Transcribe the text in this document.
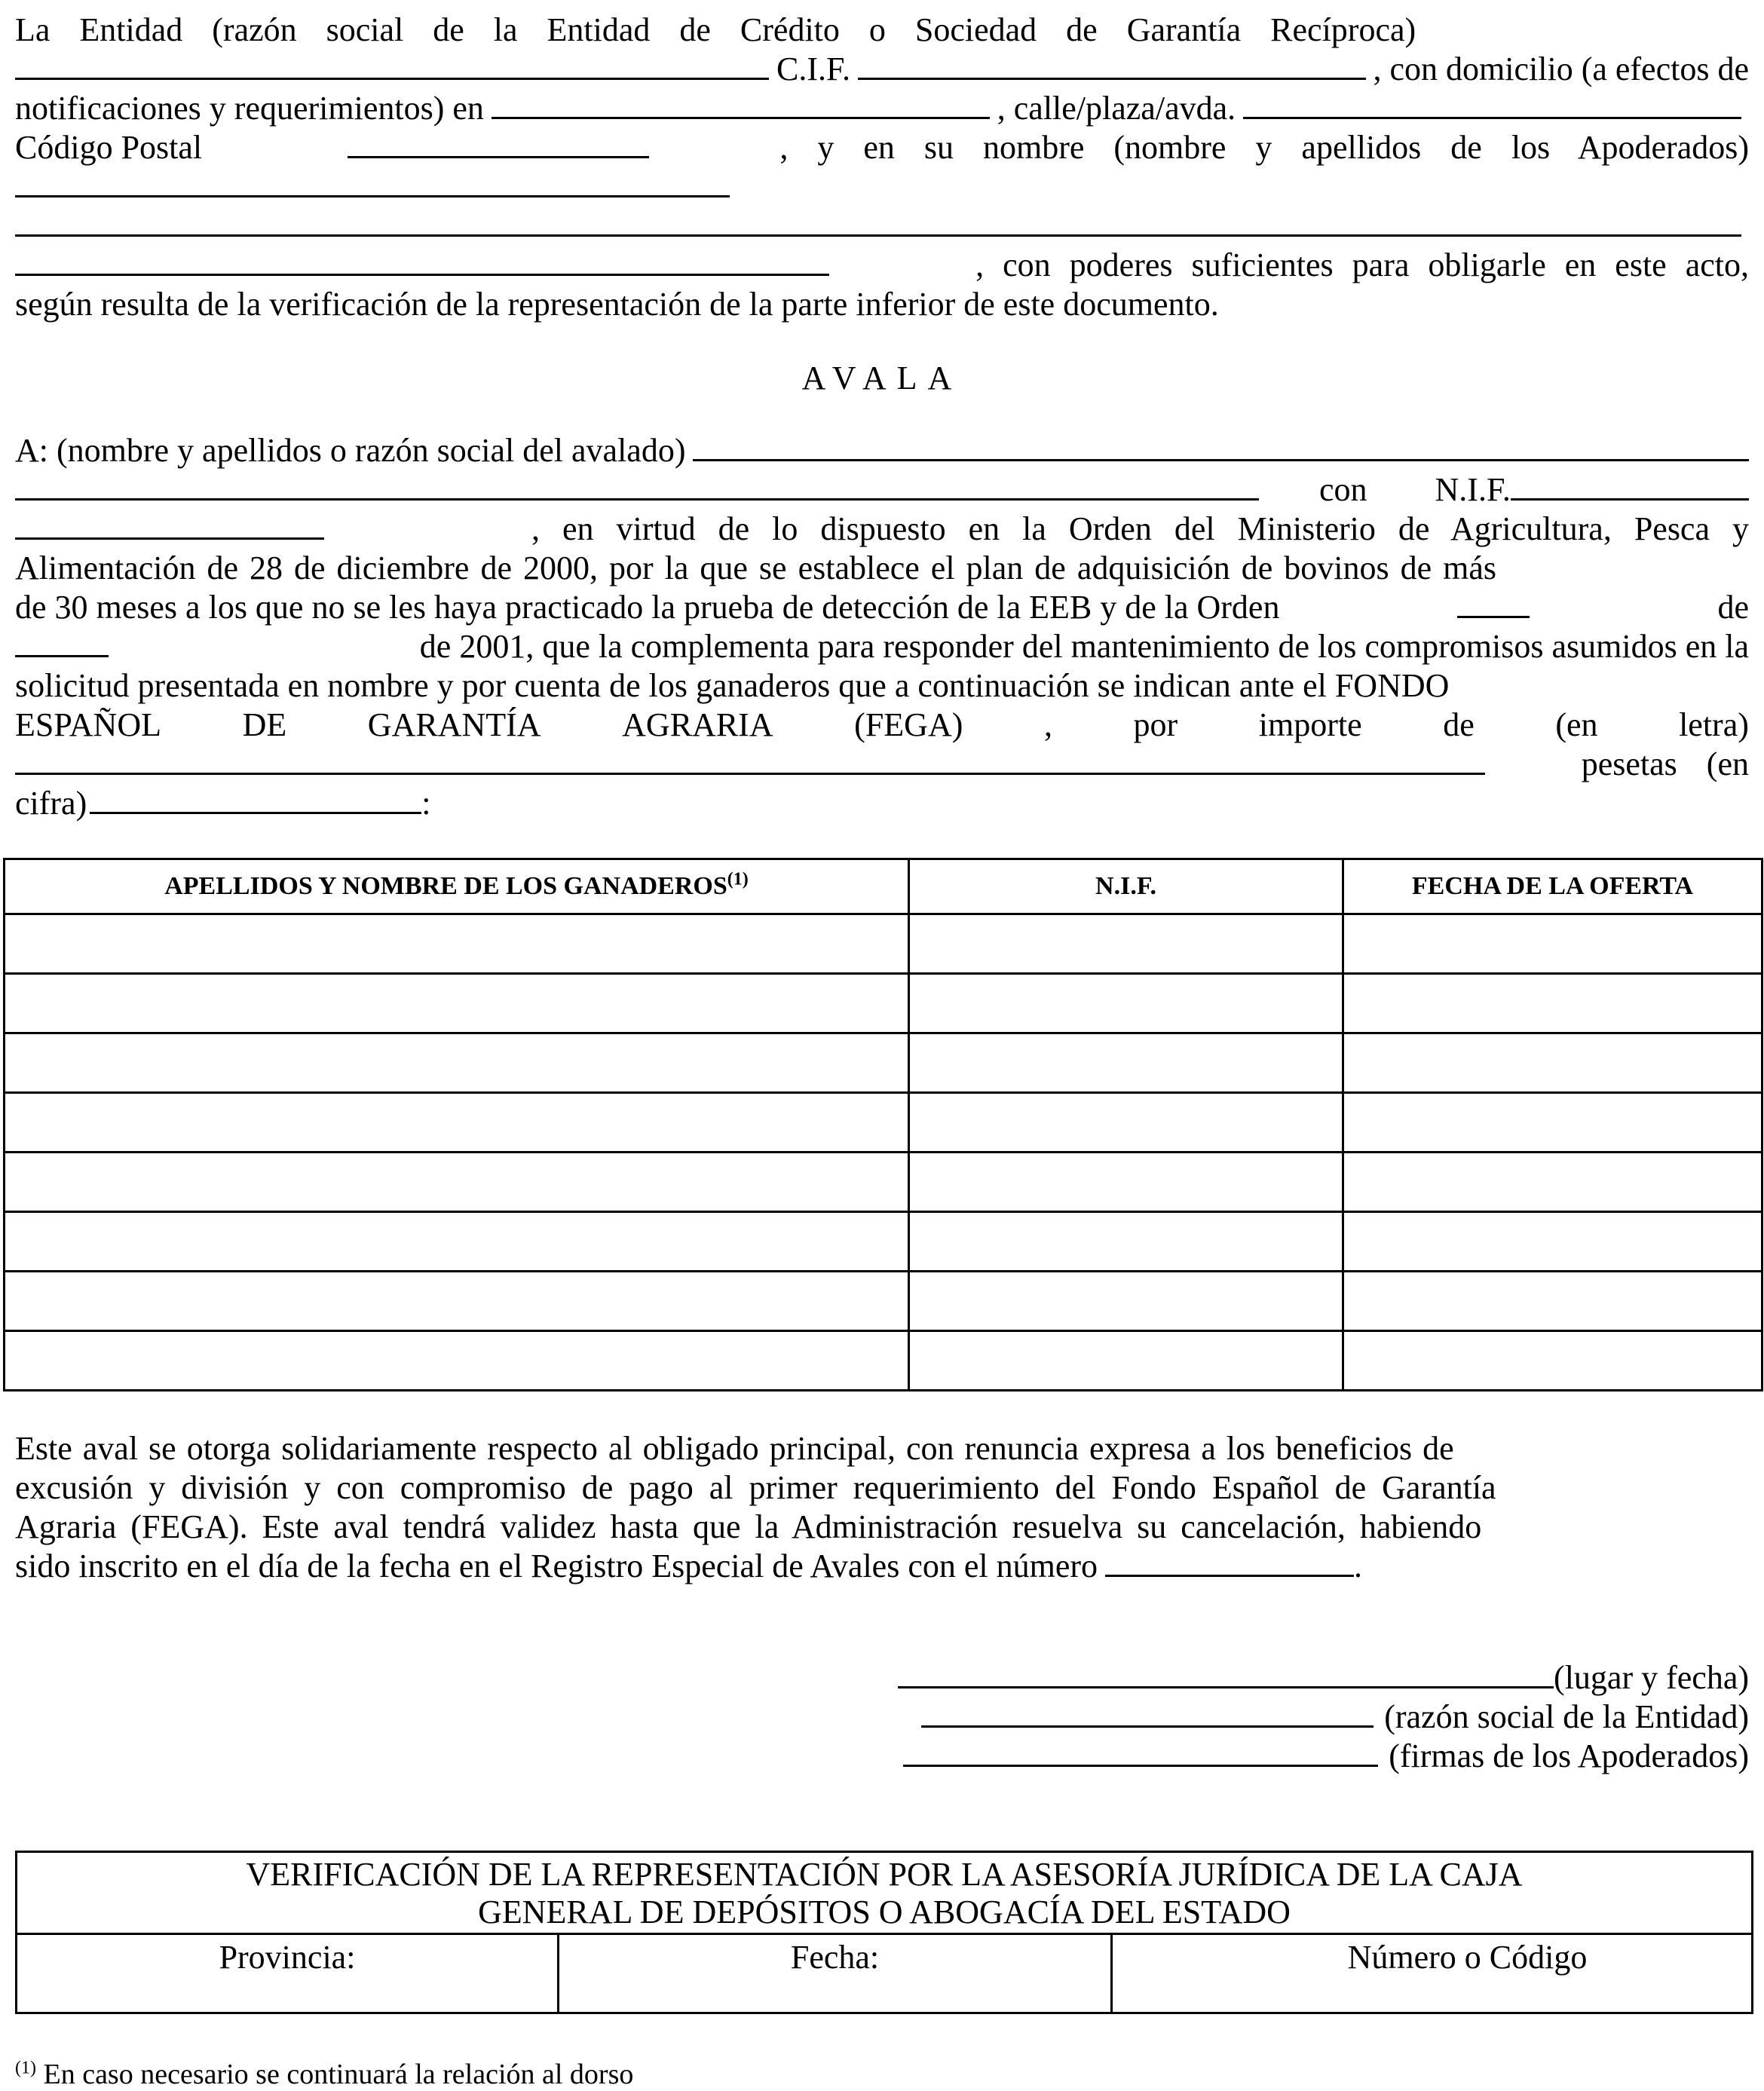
La Entidad (razón social de la Entidad de Crédito o Sociedad de Garantía Recíproca)
C.I.F.	, con domicilio (a efectos de
notificaciones y requerimientos) en	, calle/plaza/avda.
Código Postal	, y en su nombre (nombre y apellidos de los Apoderados)
, con poderes suficientes para obligarle en este acto,
según resulta de la verificación de la representación de la parte inferior de este documento.
AVALA
A: (nombre y apellidos o razón social del avalado)
con N.I.F.
, en virtud de lo dispuesto en la Orden del Ministerio de Agricultura, Pesca y
Alimentación de 28 de diciembre de 2000, por la que se establece el plan de adquisición de bovinos de más
de 30 meses a los que no se les haya practicado la prueba de detección de la EEB y de la Orden	de
de 2001, que la complementa para responder del mantenimiento de los compromisos asumidos en la
solicitud presentada en nombre y por cuenta de los ganaderos que a continuación se indican ante el FONDO
ESPAÑOL DE GARANTÍA AGRARIA (FEGA) , por importe de (en letra)
pesetas (en
cifra)	:
APELLIDOS Y NOMBRE DE LOS GANADEROS$^{(1)}$	N.I.F.	FECHA DE LA OFERTA

Este aval se otorga solidariamente respecto al obligado principal, con renuncia expresa a los beneficios de
excusión y división y con compromiso de pago al primer requerimiento del Fondo Español de Garantía
Agraria (FEGA). Este aval tendrá validez hasta que la Administración resuelva su cancelación, habiendo
sido inscrito en el día de la fecha en el Registro Especial de Avales con el número	.
(lugar y fecha)
(razón social de la Entidad)
(firmas de los Apoderados)
VERIFICACIÓN DE LA REPRESENTACIÓN POR LA ASESORÍA JURÍDICA DE LA CAJA
GENERAL DE DEPÓSITOS O ABOGACÍA DEL ESTADO
Provincia:	Fecha:	Número o Código
$^{(1)}$ En caso necesario se continuará la relación al dorso
